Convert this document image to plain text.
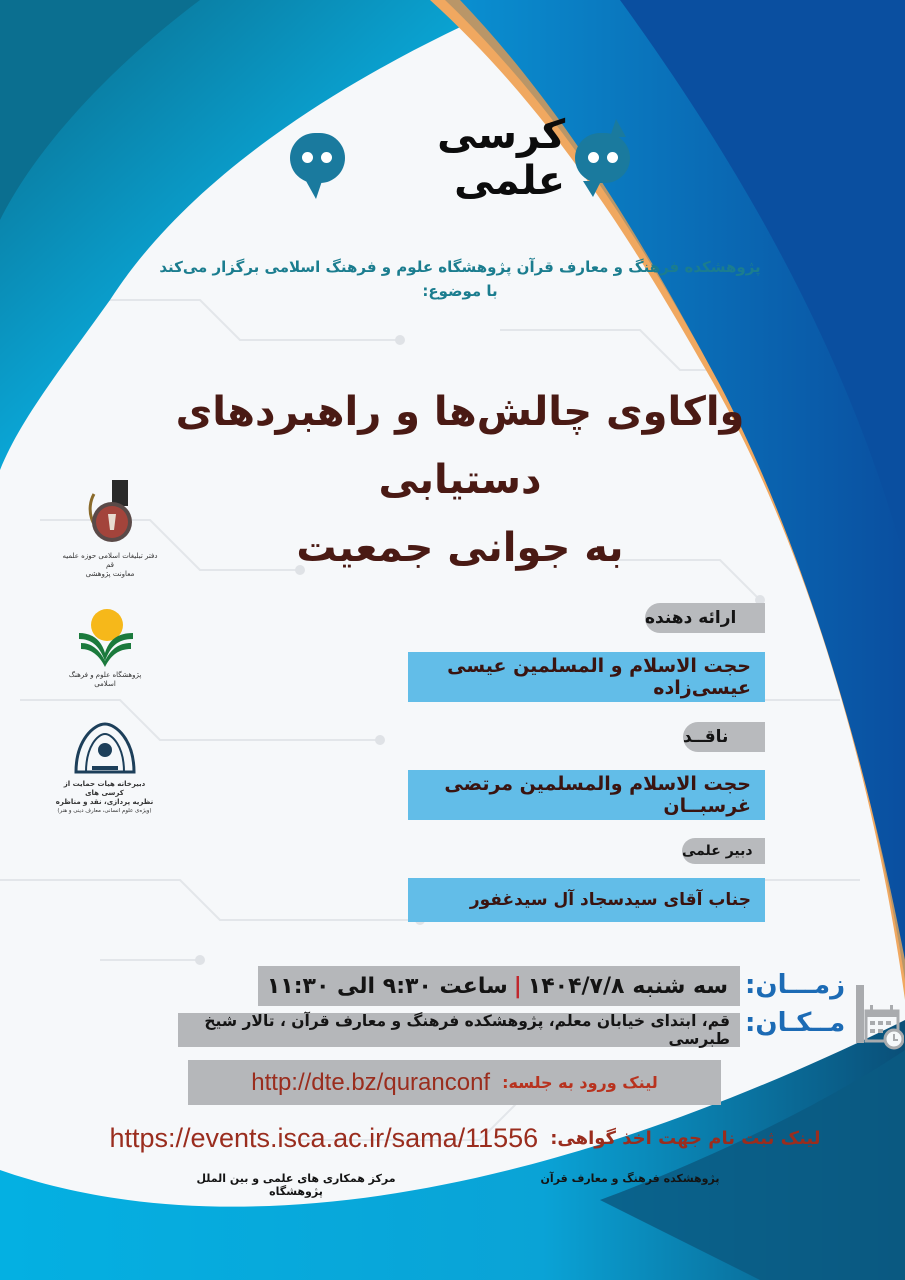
کرسی علمی
پژوهشکده فرهنگ و معارف قرآن پژوهشگاه علوم و فرهنگ اسلامی برگزار می‌کند
با موضوع:
واکاوی چالش‌ها و راهبردهای دستیابی
به جوانی جمعیت
دفتر تبلیغات اسلامی حوزه علمیه قم
معاونت پژوهشی
پژوهشگاه علوم و فرهنگ اسلامی
دبیرخانه هیات حمایت از کرسی های
نظریه پردازی، نقد و مناظره
(ویژه‌ی علوم انسانی، معارف دینی و هنر)
ارائه دهنده
حجت الاسلام و المسلمین عیسی عیسی‌زاده
ناقــد
حجت الاسلام والمسلمین مرتضی غرسبــان
دبیر علمی
جناب آقای سیدسجاد آل سیدغفور
زمـــان:
مــکـان:
سه شنبه
۱۴۰۴/۷/۸
|
ساعت ۹:۳۰ الی ۱۱:۳۰
قم، ابتدای خیابان معلم، پژوهشکده فرهنگ و معارف قرآن ، تالار شیخ طبرسی
لینک ورود به جلسه:
http://dte.bz/quranconf
لینک ثبت نام جهت اخذ گواهی:
https://events.isca.ac.ir/sama/11556
پژوهشکده فرهنگ و معارف قرآن
مرکز همکاری های علمی و بین الملل پژوهشگاه
